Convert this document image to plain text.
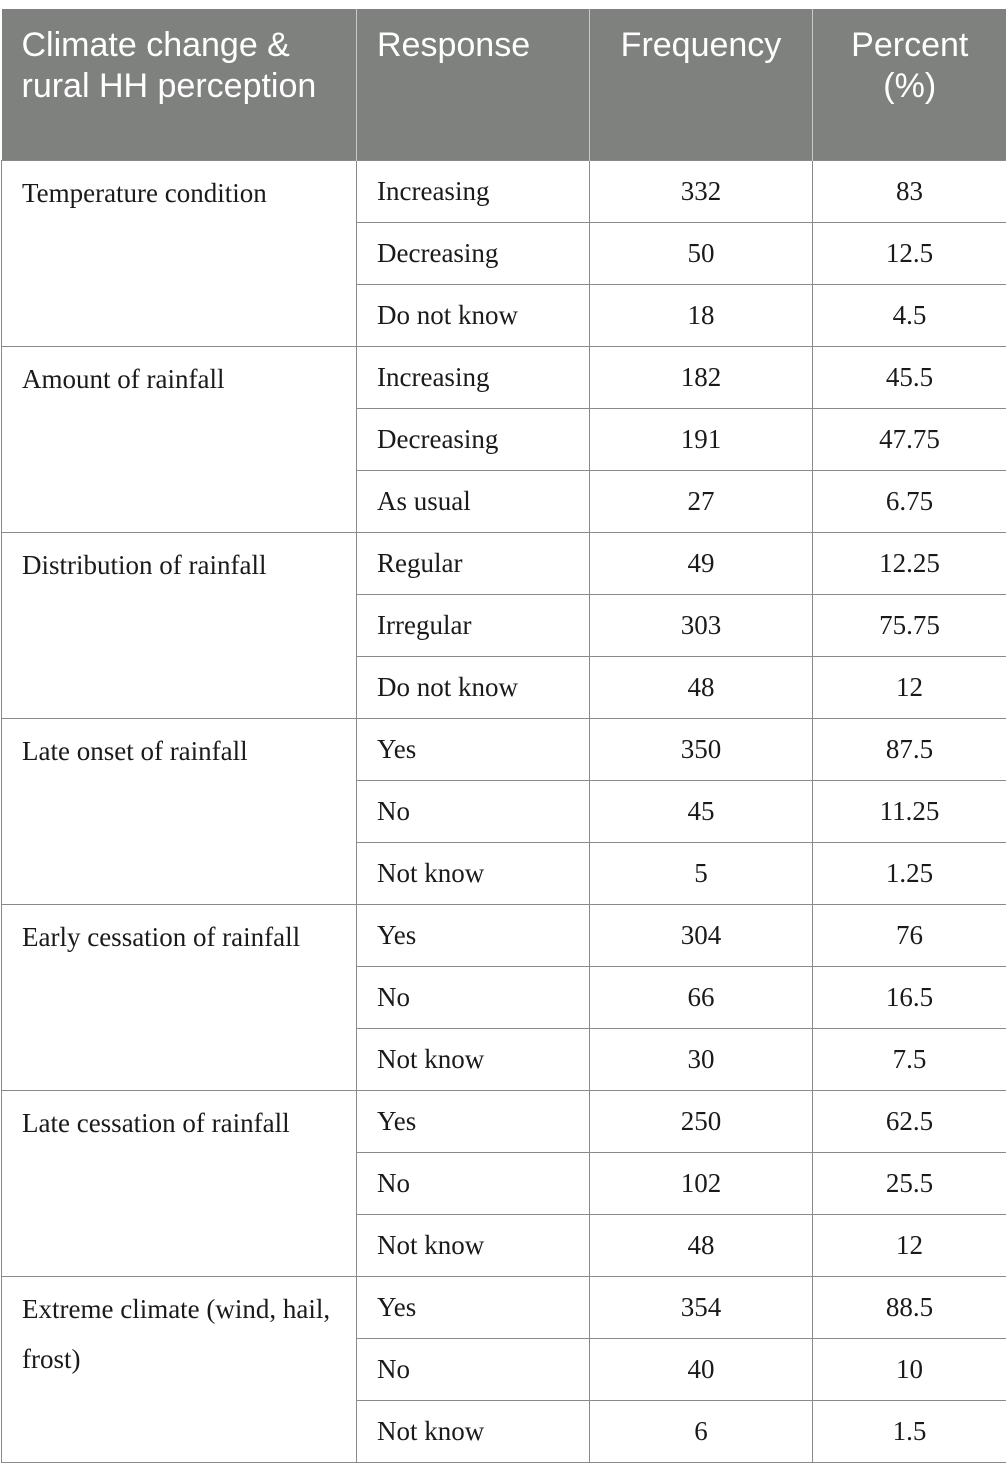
Climate change & rural HH perception	Response	Frequency	Percent (%)
Temperature condition	Increasing	332	83
	Decreasing	50	12.5
	Do not know	18	4.5
Amount of rainfall	Increasing	182	45.5
	Decreasing	191	47.75
	As usual	27	6.75
Distribution of rainfall	Regular	49	12.25
	Irregular	303	75.75
	Do not know	48	12
Late onset of rainfall	Yes	350	87.5
	No	45	11.25
	Not know	5	1.25
Early cessation of rainfall	Yes	304	76
	No	66	16.5
	Not know	30	7.5
Late cessation of rainfall	Yes	250	62.5
	No	102	25.5
	Not know	48	12
Extreme climate (wind, hail, frost)	Yes	354	88.5
	No	40	10
	Not know	6	1.5
